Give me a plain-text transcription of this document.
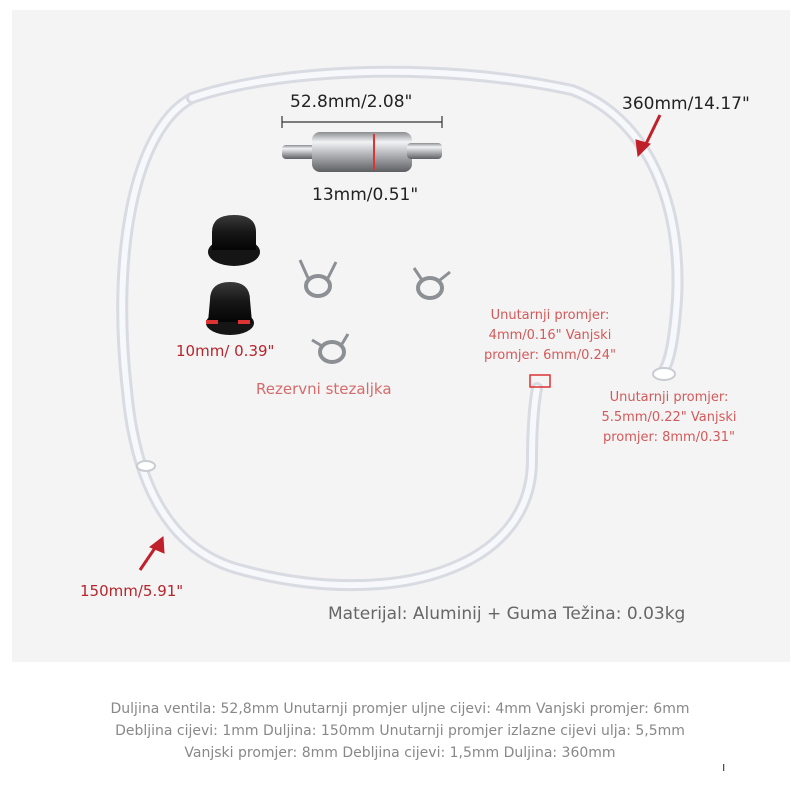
52.8mm/2.08"
13mm/0.51"
360mm/14.17"
150mm/5.91"
10mm/ 0.39"
Rezervni stezaljka
Unutarnji promjer: 4mm/0.16" Vanjski promjer: 6mm/0.24"
Unutarnji promjer: 5.5mm/0.22" Vanjski promjer: 8mm/0.31"
Materijal: Aluminij + Guma Težina: 0.03kg
Duljina ventila: 52,8mm Unutarnji promjer uljne cijevi: 4mm Vanjski promjer: 6mm
Debljina cijevi: 1mm Duljina: 150mm Unutarnji promjer izlazne cijevi ulja: 5,5mm
Vanjski promjer: 8mm Debljina cijevi: 1,5mm Duljina: 360mm
ı
